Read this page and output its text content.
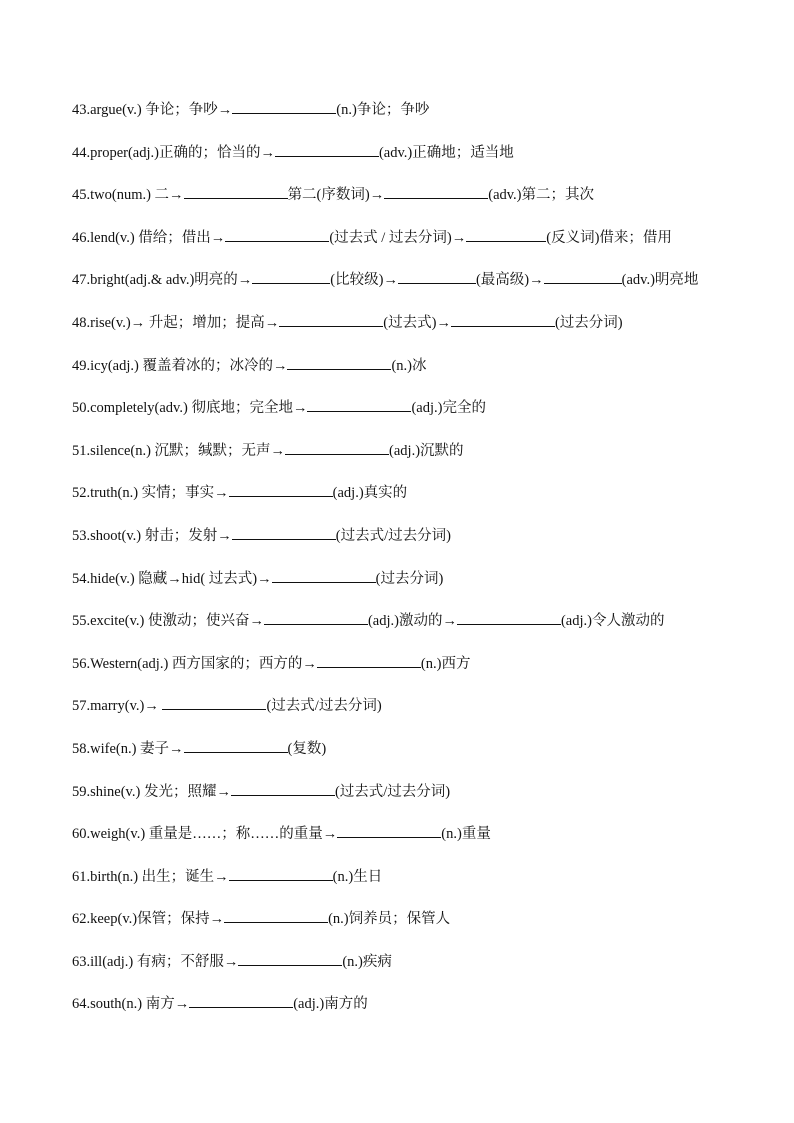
43.argue(v.) 争论；争吵→	(n.)争论；争吵
44.proper(adj.)正确的；恰当的→	(adv.)正确地；适当地
45.two(num.) 二→	第二(序数词)→	(adv.)第二；其次
46.lend(v.) 借给；借出→	(过去式 / 过去分词)→	(反义词)借来；借用
47.bright(adj.& adv.)明亮的→	(比较级)→	(最高级)→	(adv.)明亮地
48.rise(v.)→ 升起；增加；提高→	(过去式)→	(过去分词)
49.icy(adj.) 覆盖着冰的；冰冷的→	(n.)冰
50.completely(adv.) 彻底地；完全地→	(adj.)完全的
51.silence(n.) 沉默；缄默；无声→	(adj.)沉默的
52.truth(n.) 实情；事实→	(adj.)真实的
53.shoot(v.) 射击；发射→	(过去式/过去分词)
54.hide(v.) 隐藏→hid( 过去式)→	(过去分词)
55.excite(v.) 使激动；使兴奋→	(adj.)激动的→	(adj.)令人激动的
56.Western(adj.) 西方国家的；西方的→	(n.)西方
57.marry(v.)→	(过去式/过去分词)
58.wife(n.) 妻子→	(复数)
59.shine(v.) 发光；照耀→	(过去式/过去分词)
60.weigh(v.) 重量是……；称……的重量→	(n.)重量
61.birth(n.) 出生；诞生→	(n.)生日
62.keep(v.)保管；保持→	(n.)饲养员；保管人
63.ill(adj.) 有病；不舒服→	(n.)疾病
64.south(n.) 南方→	(adj.)南方的
